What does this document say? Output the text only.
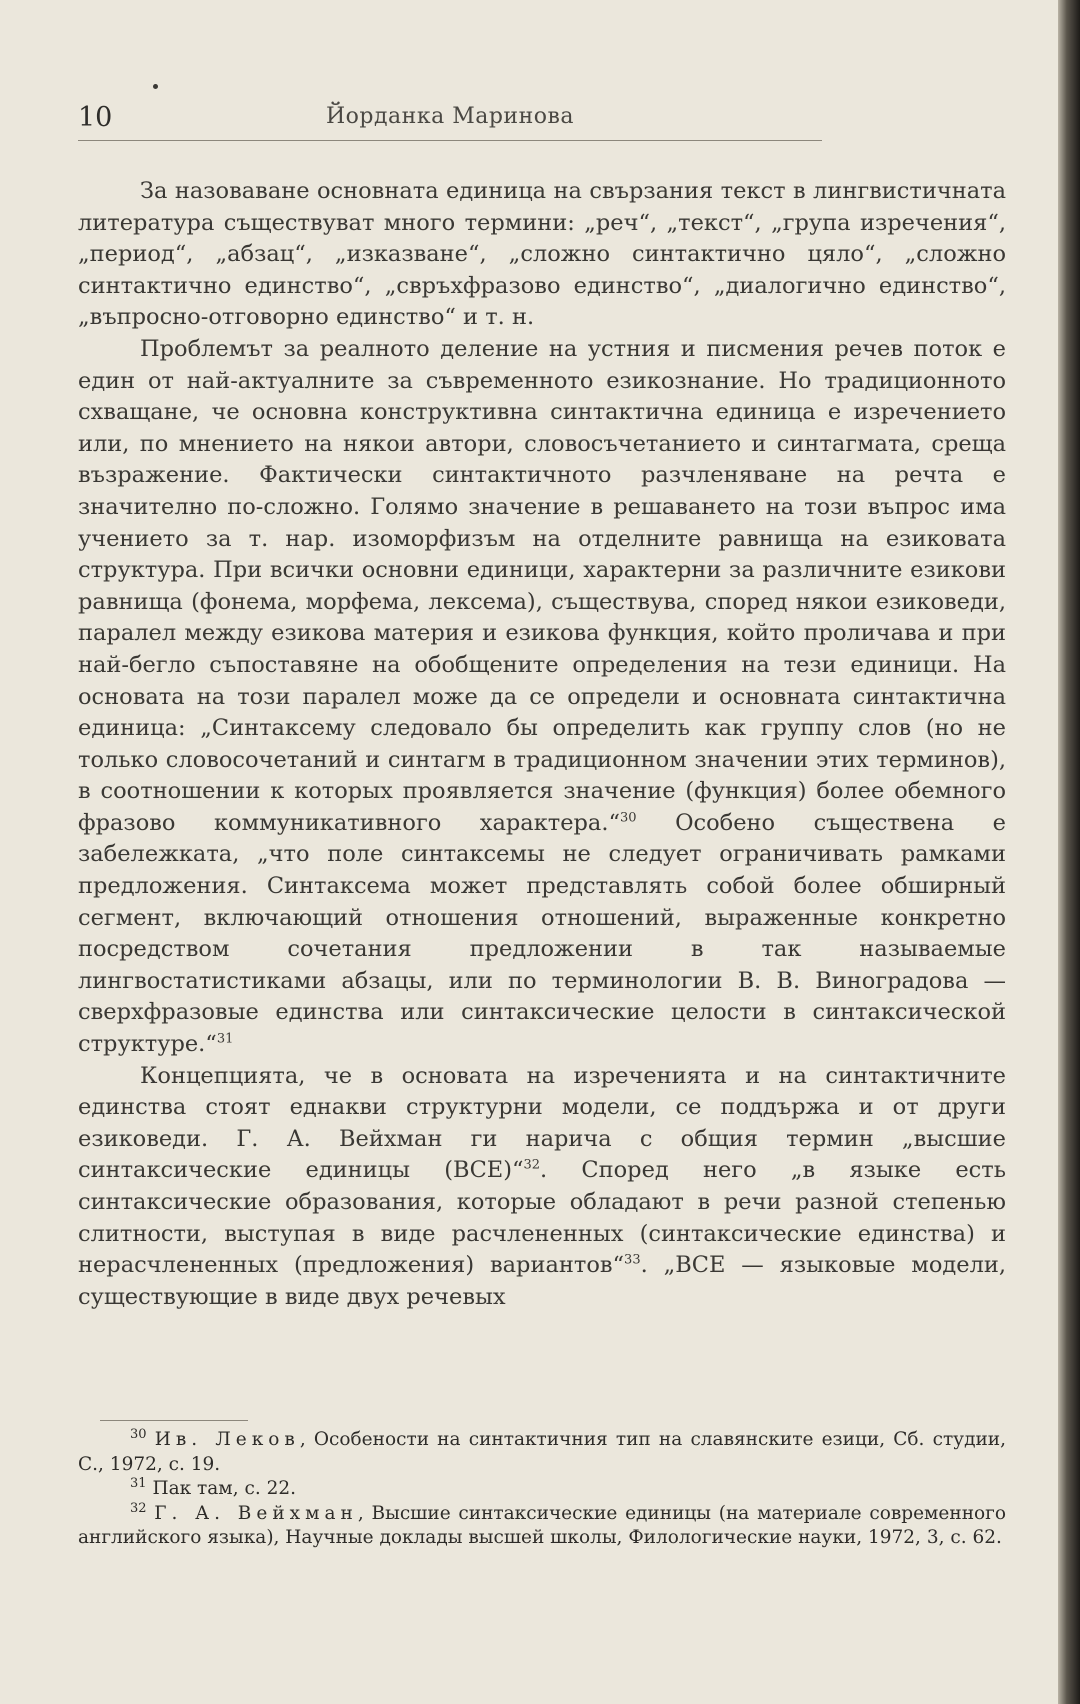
10	Йорданка Маринова

За назоваване основната единица на свързания текст в лингвистичната литература съществуват много термини: „реч“, „текст“, „група изречения“, „период“, „абзац“, „изказване“, „сложно синтактично цяло“, „сложно синтактично единство“, „свръхфразово единство“, „диалогично единство“, „въпросно-отговорно единство“ и т. н.

Проблемът за реалното деление на устния и писмения речев поток е един от най-актуалните за съвременното езикознание. Но традиционното схващане, че основна конструктивна синтактична единица е изречението или, по мнението на някои автори, словосъчетанието и синтагмата, среща възражение. Фактически синтактичното разчленяване на речта е значително по-сложно. Голямо значение в решаването на този въпрос има учението за т. нар. изоморфизъм на отделните равнища на езиковата структура. При всички основни единици, характерни за различните езикови равнища (фонема, морфема, лексема), съществува, според някои езиковеди, паралел между езикова материя и езикова функция, който проличава и при най-бегло съпоставяне на обобщените определения на тези единици. На основата на този паралел може да се определи и основната синтактична единица: „Синтаксему следовало бы определить как группу слов (но не только словосочетаний и синтагм в традиционном значении этих терминов), в соотношении к которых проявляется значение (функция) более обемного фразово коммуникативного характера.“$^{30}$ Особено съществена е забележката, „что поле синтаксемы не следует ограничивать рамками предложения. Синтаксема может представлять собой более обширный сегмент, включающий отношения отношений, выраженные конкретно посредством сочетания предложении в так называемые лингвостатистиками абзацы, или по терминологии В. В. Виноградова — сверхфразовые единства или синтаксические целости в синтаксической структуре.“$^{31}$

Концепцията, че в основата на изреченията и на синтактичните единства стоят еднакви структурни модели, се поддържа и от други езиковеди. Г. А. Вейхман ги нарича с общия термин „высшие синтаксические единицы (ВСЕ)“$^{32}$. Според него „в языке есть синтаксические образования, которые обладают в речи разной степенью слитности, выступая в виде расчлененных (синтаксические единства) и нерасчлененных (предложения) вариантов“$^{33}$. „ВСЕ — языковые модели, существующие в виде двух речевых

$^{30}$ Ив. Леков, Особености на синтактичния тип на славянските езици, Сб. студии, С., 1972, с. 19.

$^{31}$ Пак там, с. 22.

$^{32}$ Г. А. Вейхман, Высшие синтаксические единицы (на материале современного английского языка), Научные доклады высшей школы, Филологические науки, 1972, 3, с. 62.
